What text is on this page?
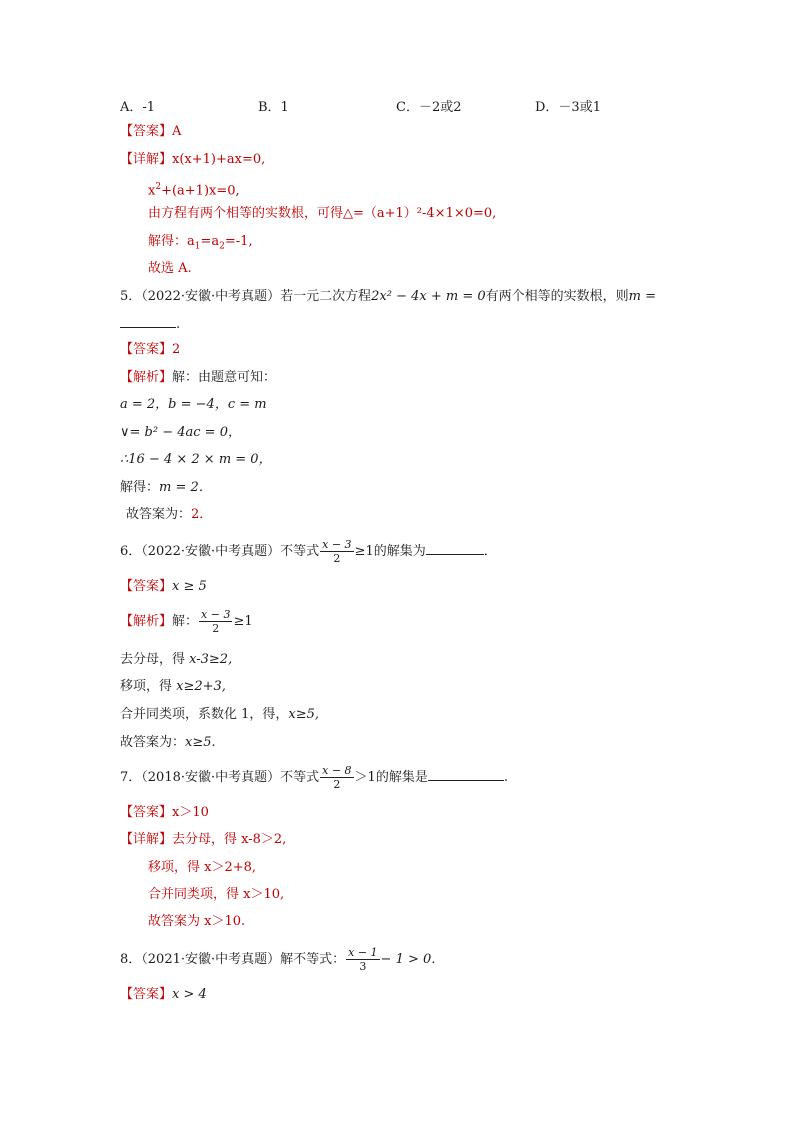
A．-1	B．1	C．－2或2	D．－3或1
【答案】A
【详解】x(x+1)+ax=0,
$x^2+(a+1)x=0$,
由方程有两个相等的实数根，可得△=（a+1）²-4×1×0=0,
解得：$a_1=a_2=-1$,
故选 A.
5．（2022·安徽·中考真题）若一元二次方程2x² − 4x + m = 0有两个相等的实数根，则m =
.
【答案】2
【解析】解：由题意可知：
a = 2，b = −4，c = m
∨= b² − 4ac = 0，
∴16 − 4 × 2 × m = 0，
解得：m = 2．
故答案为：2．
6．（2022·安徽·中考真题）不等式 $\frac{x - 3}{2} \ge 1$的解集为	．
【答案】x ≥ 5
【解析】解： $\frac{x - 3}{2} \ge 1$
去分母，得 x-3≥2,
移项，得 x≥2+3,
合并同类项，系数化 1，得，x≥5,
故答案为：x≥5.
7．（2018·安徽·中考真题）不等式 $\frac{x - 8}{2} >1$的解集是	.
【答案】x＞10
【详解】去分母，得 x-8＞2,
移项，得 x＞2+8,
合并同类项，得 x＞10,
故答案为 x＞10.
8．（2021·安徽·中考真题）解不等式： $\frac{x - 1}{3} - 1 > 0$．
【答案】x > 4
